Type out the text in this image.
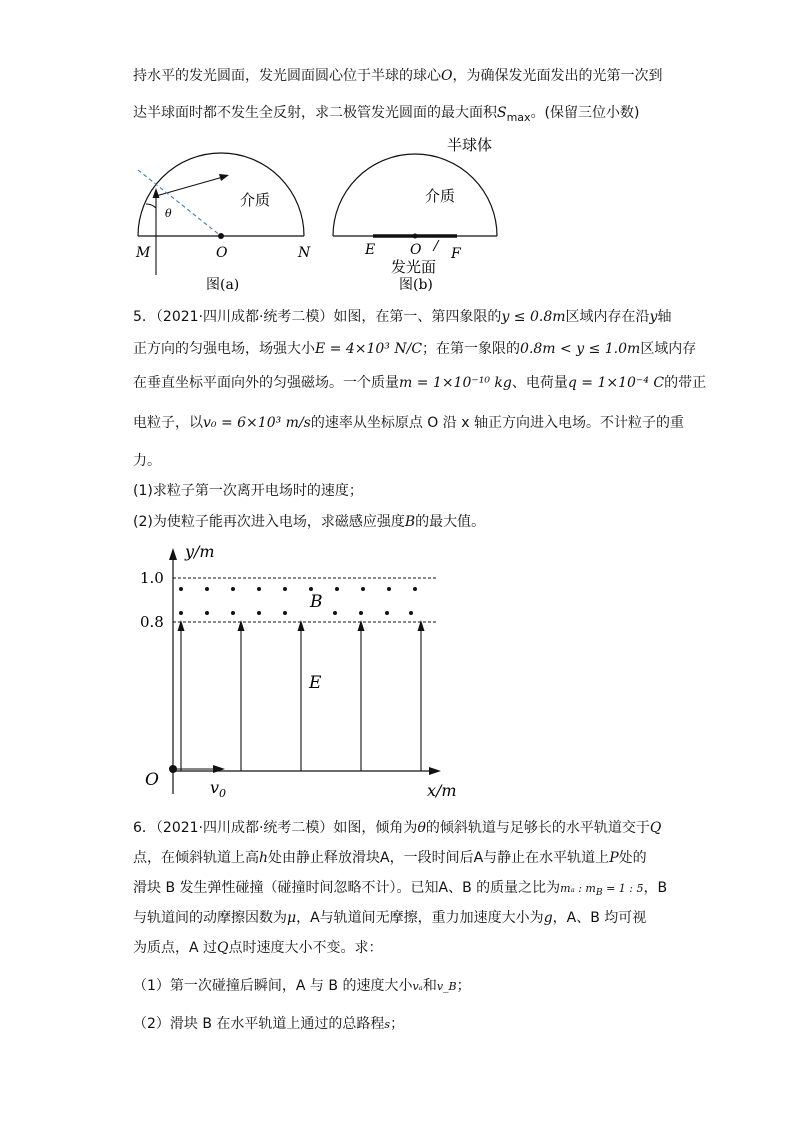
持水平的发光圆面，发光圆面圆心位于半球的球心O，为确保发光面发出的光第一次到
达半球面时都不发生全反射，求二极管发光圆面的最大面积$S_{max}$。(保留三位小数)
介质
θ
M	O	N
图(a)
半球体
介质
E O F
发光面
图(b)
5．（2021·四川成都·统考二模）如图，在第一、第四象限的y ≤ 0.8m区域内存在沿y轴
正方向的匀强电场，场强大小E = 4×10³ N/C；在第一象限的0.8m < y ≤ 1.0m区域内存
在垂直坐标平面向外的匀强磁场。一个质量m = 1×10⁻¹⁰ kg、电荷量q = 1×10⁻⁴ C的带正
电粒子，以v₀ = 6×10³ m/s的速率从坐标原点 O 沿 x 轴正方向进入电场。不计粒子的重
力。
(1)求粒子第一次离开电场时的速度；
(2)为使粒子能再次进入电场，求磁感应强度B的最大值。
y/m
1.0
0.8
B
E
O	$v_0$	x/m
6．（2021·四川成都·统考二模）如图，倾角为θ的倾斜轨道与足够长的水平轨道交于Q
点，在倾斜轨道上高h处由静止释放滑块A，一段时间后A与静止在水平轨道上P处的
滑块 B 发生弹性碰撞（碰撞时间忽略不计）。已知A、B 的质量之比为mₐ : $m_B = 1$ : 5，B
与轨道间的动摩擦因数为μ，A与轨道间无摩擦，重力加速度大小为g，A、B 均可视
为质点，A 过Q点时速度大小不变。求：
（1）第一次碰撞后瞬间，A 与 B 的速度大小vₐ和v_B；
（2）滑块 B 在水平轨道上通过的总路程s；
